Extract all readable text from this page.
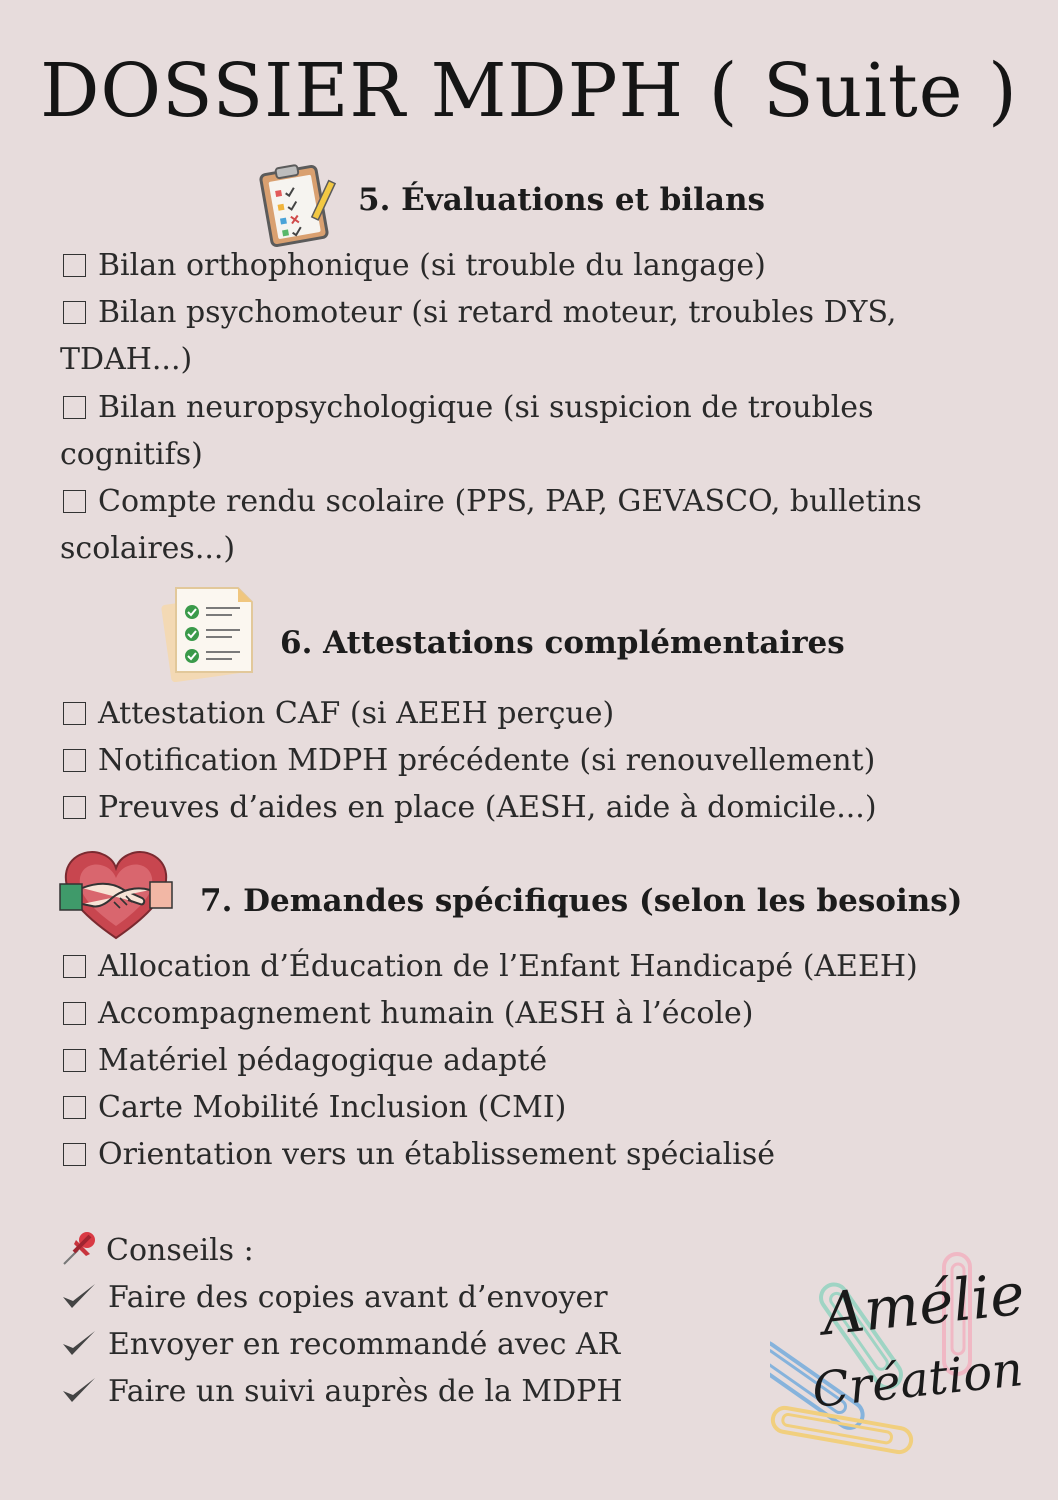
DOSSIER MDPH ( Suite )
5. Évaluations et bilans
Bilan orthophonique (si trouble du langage)
Bilan psychomoteur (si retard moteur, troubles DYS,
TDAH...)
Bilan neuropsychologique (si suspicion de troubles
cognitifs)
Compte rendu scolaire (PPS, PAP, GEVASCO, bulletins
scolaires...)
6. Attestations complémentaires
Attestation CAF (si AEEH perçue)
Notification MDPH précédente (si renouvellement)
Preuves d’aides en place (AESH, aide à domicile...)
7. Demandes spécifiques (selon les besoins)
Allocation d’Éducation de l’Enfant Handicapé (AEEH)
Accompagnement humain (AESH à l’école)
Matériel pédagogique adapté
Carte Mobilité Inclusion (CMI)
Orientation vers un établissement spécialisé
Conseils :
Faire des copies avant d’envoyer
Envoyer en recommandé avec AR
Faire un suivi auprès de la MDPH
Amélie
Création
